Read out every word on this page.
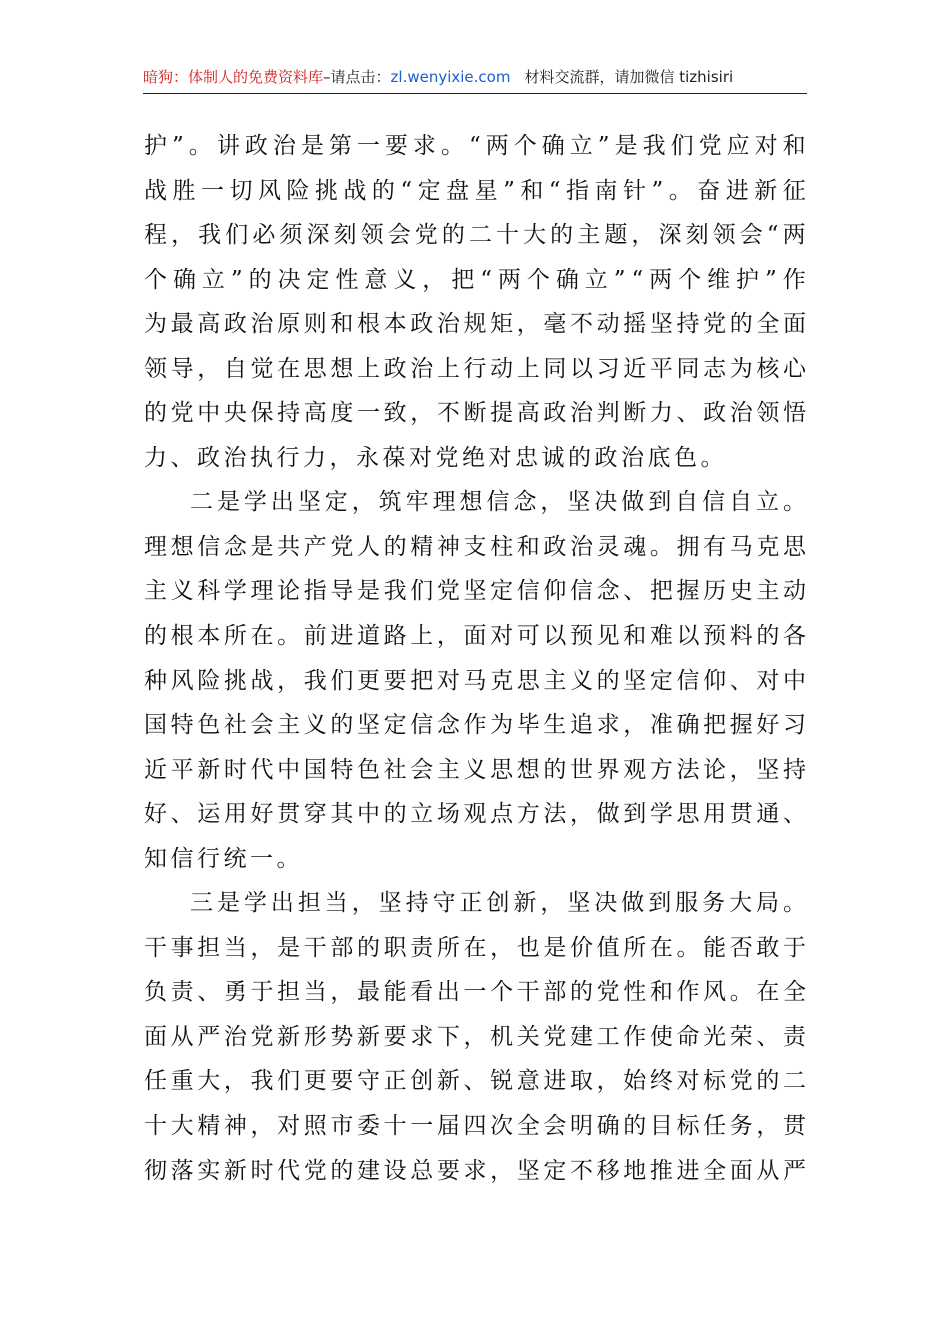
暗狗：体制人的免费资料库–请点击：zl.wenyixie.com 材料交流群，请加微信 tizhisiri
护 ” 。 讲 政 治 是 第 一 要 求 。 “ 两 个 确 立 ” 是 我 们 党 应 对 和
战 胜 一 切 风 险 挑 战 的 “ 定 盘 星 ” 和 “ 指 南 针 ” 。 奋 进 新 征
程 ， 我 们 必 须 深 刻 领 会 党 的 二 十 大 的 主 题 ， 深 刻 领 会 “ 两
个 确 立 ” 的 决 定 性 意 义 ， 把 “ 两 个 确 立 ” “ 两 个 维 护 ” 作
为 最 高 政 治 原 则 和 根 本 政 治 规 矩 ， 毫 不 动 摇 坚 持 党 的 全 面
领 导 ， 自 觉 在 思 想 上 政 治 上 行 动 上 同 以 习 近 平 同 志 为 核 心
的 党 中 央 保 持 高 度 一 致 ， 不 断 提 高 政 治 判 断 力 、 政 治 领 悟
力 、 政 治 执 行 力 ， 永 葆 对 党 绝 对 忠 诚 的 政 治 底 色 。
二 是 学 出 坚 定 ， 筑 牢 理 想 信 念 ， 坚 决 做 到 自 信 自 立 。
理 想 信 念 是 共 产 党 人 的 精 神 支 柱 和 政 治 灵 魂 。 拥 有 马 克 思
主 义 科 学 理 论 指 导 是 我 们 党 坚 定 信 仰 信 念 、 把 握 历 史 主 动
的 根 本 所 在 。 前 进 道 路 上 ， 面 对 可 以 预 见 和 难 以 预 料 的 各
种 风 险 挑 战 ， 我 们 更 要 把 对 马 克 思 主 义 的 坚 定 信 仰 、 对 中
国 特 色 社 会 主 义 的 坚 定 信 念 作 为 毕 生 追 求 ， 准 确 把 握 好 习
近 平 新 时 代 中 国 特 色 社 会 主 义 思 想 的 世 界 观 方 法 论 ， 坚 持
好 、 运 用 好 贯 穿 其 中 的 立 场 观 点 方 法 ， 做 到 学 思 用 贯 通 、
知 信 行 统 一 。
三 是 学 出 担 当 ， 坚 持 守 正 创 新 ， 坚 决 做 到 服 务 大 局 。
干 事 担 当 ， 是 干 部 的 职 责 所 在 ， 也 是 价 值 所 在 。 能 否 敢 于
负 责 、 勇 于 担 当 ， 最 能 看 出 一 个 干 部 的 党 性 和 作 风 。 在 全
面 从 严 治 党 新 形 势 新 要 求 下 ， 机 关 党 建 工 作 使 命 光 荣 、 责
任 重 大 ， 我 们 更 要 守 正 创 新 、 锐 意 进 取 ， 始 终 对 标 党 的 二
十 大 精 神 ， 对 照 市 委 十 一 届 四 次 全 会 明 确 的 目 标 任 务 ， 贯
彻 落 实 新 时 代 党 的 建 设 总 要 求 ， 坚 定 不 移 地 推 进 全 面 从 严
